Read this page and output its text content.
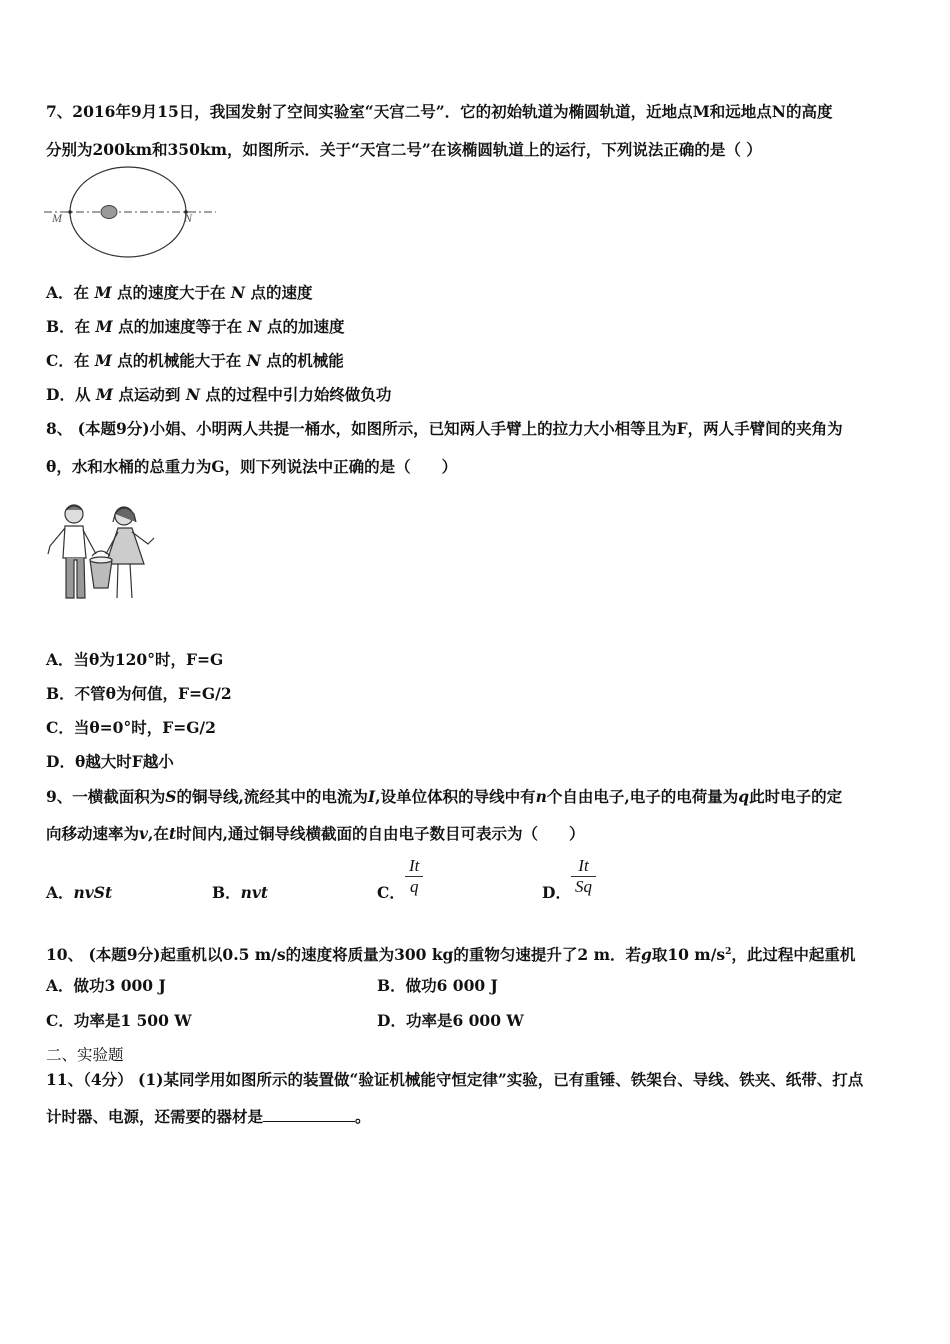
7、2016年9月15日，我国发射了空间实验室“天宫二号”．它的初始轨道为椭圆轨道，近地点M和远地点N的高度
分别为200km和350km，如图所示．关于“天宫二号”在该椭圆轨道上的运行，下列说法正确的是（ ）
M	N
A．在 M 点的速度大于在 N 点的速度
B．在 M 点的加速度等于在 N 点的加速度
C．在 M 点的机械能大于在 N 点的机械能
D．从 M 点运动到 N 点的过程中引力始终做负功
8、 (本题9分)小娟、小明两人共提一桶水，如图所示，已知两人手臂上的拉力大小相等且为F，两人手臂间的夹角为
θ，水和水桶的总重力为G，则下列说法中正确的是（　　）
A．当θ为120°时，F=G
B．不管θ为何值，F=G/2
C．当θ=0°时，F=G/2
D．θ越大时F越小
9、一横截面积为S的铜导线,流经其中的电流为I,设单位体积的导线中有n个自由电子,电子的电荷量为q此时电子的定
向移动速率为v,在t时间内,通过铜导线横截面的自由电子数目可表示为（　　）
A．nvSt	B．nvt	C．
It
q	D．
It
Sq
10、 (本题9分)起重机以0.5 m/s的速度将质量为300 kg的重物匀速提升了2 m．若g取10 $m/s^2$，此过程中起重机
A．做功3 000 J	B．做功6 000 J
C．功率是1 500 W	D．功率是6 000 W
二、实验题
11、（4分） (1)某同学用如图所示的装置做“验证机械能守恒定律”实验，已有重锤、铁架台、导线、铁夹、纸带、打点
计时器、电源，还需要的器材是	。
